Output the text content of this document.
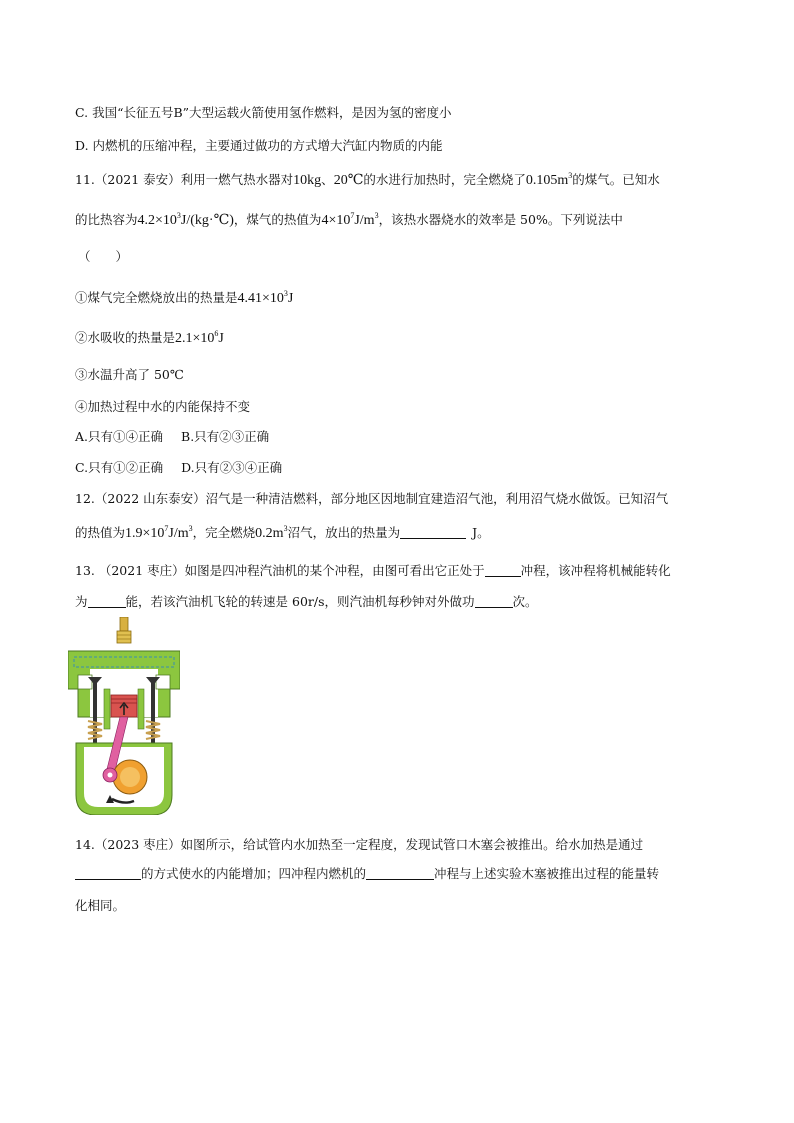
C. 我国“长征五号B”大型运载火箭使用氢作燃料，是因为氢的密度小
D. 内燃机的压缩冲程，主要通过做功的方式增大汽缸内物质的内能
11.（2021 泰安）利用一燃气热水器对10kg、20℃的水进行加热时，完全燃烧了$0.105m^3$的煤气。已知水
的比热容为$4.2\times 10^3J/(kg\cdot℃)$，煤气的热值为$4\times 10^7J/m^3$，该热水器烧水的效率是 50%。下列说法中
（　　）
①煤气完全燃烧放出的热量是$4.41\times 10^3J$
②水吸收的热量是$2.1\times 10^6J$
③水温升高了 50℃
④加热过程中水的内能保持不变
A.只有①④正确 B.只有②③正确
C.只有①②正确 D.只有②③④正确
12.（2022 山东泰安）沼气是一种清洁燃料，部分地区因地制宜建造沼气池，利用沼气烧水做饭。已知沼气
的热值为$1.9\times 10^7J/m^3$，完全燃烧$0.2m^3$沼气，放出的热量为	J。
13. （2021 枣庄）如图是四冲程汽油机的某个冲程，由图可看出它正处于	冲程，该冲程将机械能转化
为	能，若该汽油机飞轮的转速是 60r/s，则汽油机每秒钟对外做功	次。
14.（2023 枣庄）如图所示，给试管内水加热至一定程度，发现试管口木塞会被推出。给水加热是通过
的方式使水的内能增加；四冲程内燃机的	冲程与上述实验木塞被推出过程的能量转
化相同。
